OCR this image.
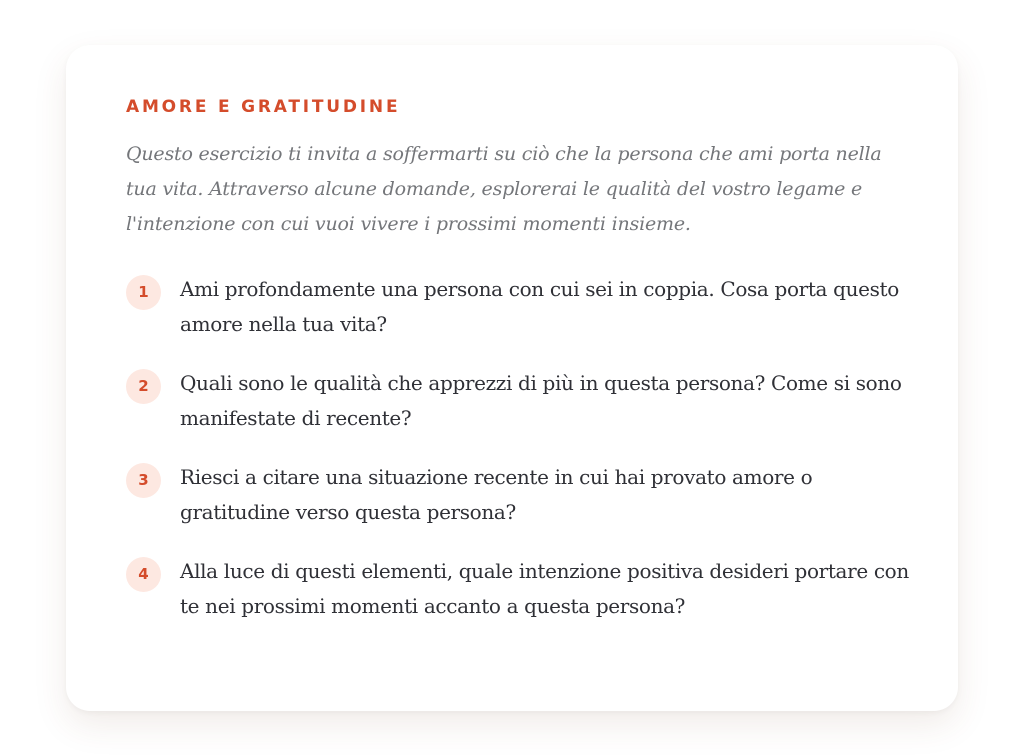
AMORE E GRATITUDINE

Questo esercizio ti invita a soffermarti su ciò che la persona che ami porta nella tua vita. Attraverso alcune domande, esplorerai le qualità del vostro legame e l'intenzione con cui vuoi vivere i prossimi momenti insieme.

1	Ami profondamente una persona con cui sei in coppia. Cosa porta questo amore nella tua vita?
2	Quali sono le qualità che apprezzi di più in questa persona? Come si sono manifestate di recente?
3	Riesci a citare una situazione recente in cui hai provato amore o gratitudine verso questa persona?
4	Alla luce di questi elementi, quale intenzione positiva desideri portare con te nei prossimi momenti accanto a questa persona?
